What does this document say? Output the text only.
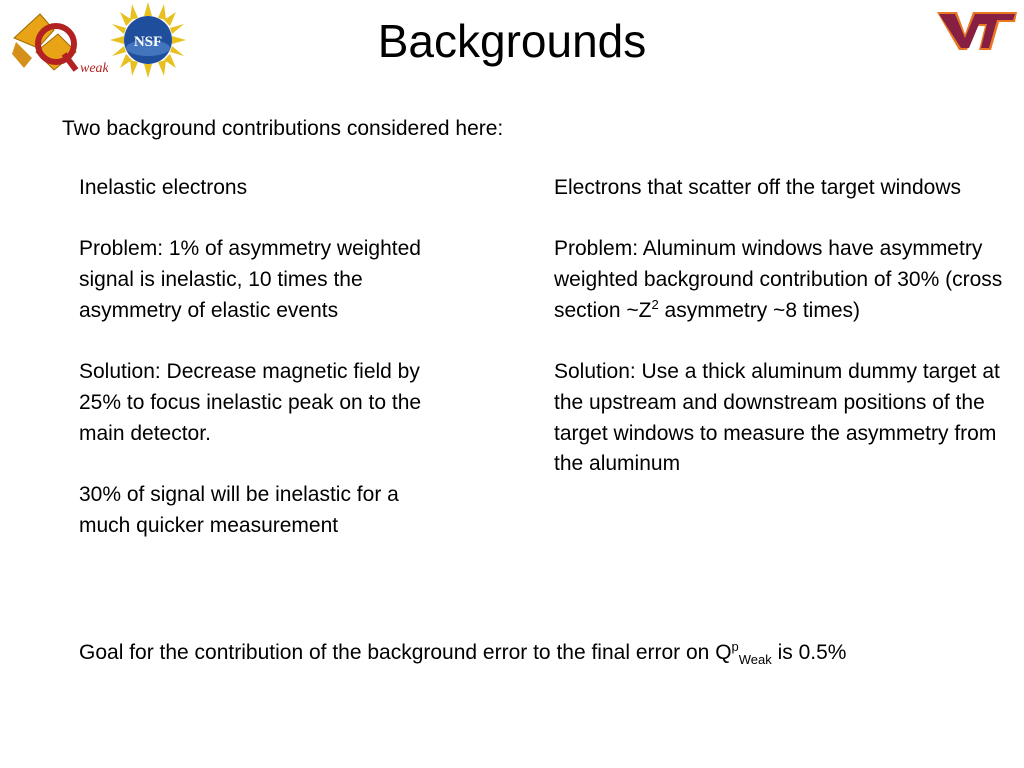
weak
NSF	Backgrounds
Two background contributions considered here:

Inelastic electrons

Problem: 1% of asymmetry weighted signal is inelastic, 10 times the asymmetry of elastic events

Solution: Decrease magnetic field by 25% to focus inelastic peak on to the main detector.

30% of signal will be inelastic for a much quicker measurement

Electrons that scatter off the target windows

Problem: Aluminum windows have asymmetry weighted background contribution of 30% (cross section $\sim Z^2$ asymmetry ~8 times)

Solution: Use a thick aluminum dummy target at the upstream and downstream positions of the target windows to measure the asymmetry from the aluminum

Goal for the contribution of the background error to the final error on $Q^p_{Weak}$ is 0.5%
